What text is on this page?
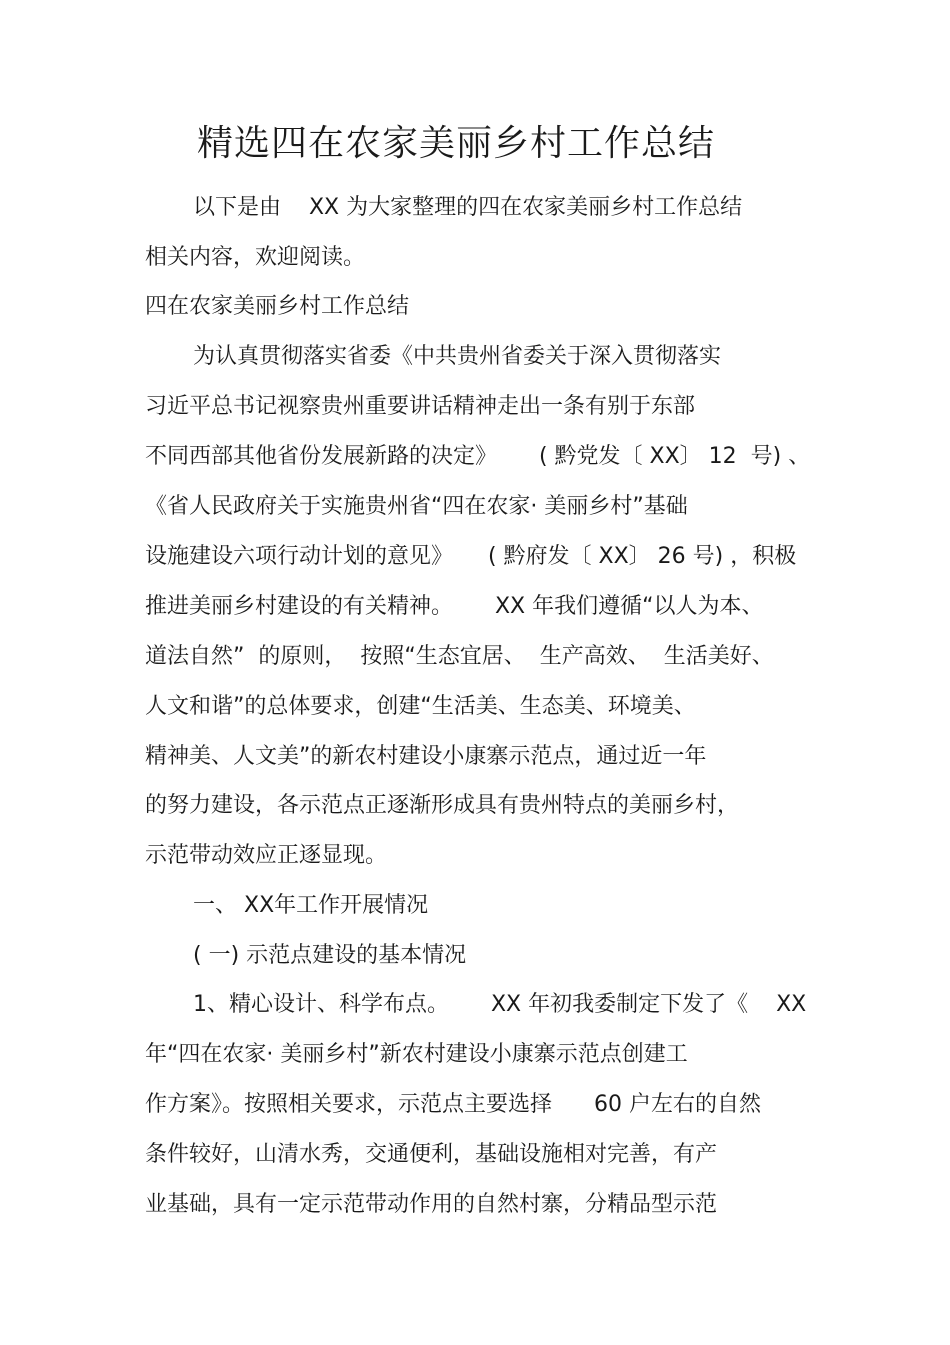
精选四在农家美丽乡村工作总结
以下是由    XX 为大家整理的四在农家美丽乡村工作总结
相关内容，欢迎阅读。
四在农家美丽乡村工作总结
为认真贯彻落实省委《中共贵州省委关于深入贯彻落实
习近平总书记视察贵州重要讲话精神走出一条有别于东部
不同西部其他省份发展新路的决定》      ( 黔党发〔 XX〕 12  号) 、
《省人民政府关于实施贵州省“四在农家· 美丽乡村”基础
设施建设六项行动计划的意见》     ( 黔府发〔 XX〕 26 号) ，积极
推进美丽乡村建设的有关精神。      XX 年我们遵循“以人为本、
道法自然”  的原则，  按照“生态宜居、  生产高效、  生活美好、
人文和谐”的总体要求，创建“生活美、生态美、环境美、
精神美、人文美”的新农村建设小康寨示范点，通过近一年
的努力建设，各示范点正逐渐形成具有贵州特点的美丽乡村，
示范带动效应正逐显现。
一、 XX年工作开展情况
( 一) 示范点建设的基本情况
1、精心设计、科学布点。      XX 年初我委制定下发了《    XX
年“四在农家· 美丽乡村”新农村建设小康寨示范点创建工
作方案》。按照相关要求，示范点主要选择      60 户左右的自然
条件较好，山清水秀，交通便利，基础设施相对完善，有产
业基础，具有一定示范带动作用的自然村寨，分精品型示范
